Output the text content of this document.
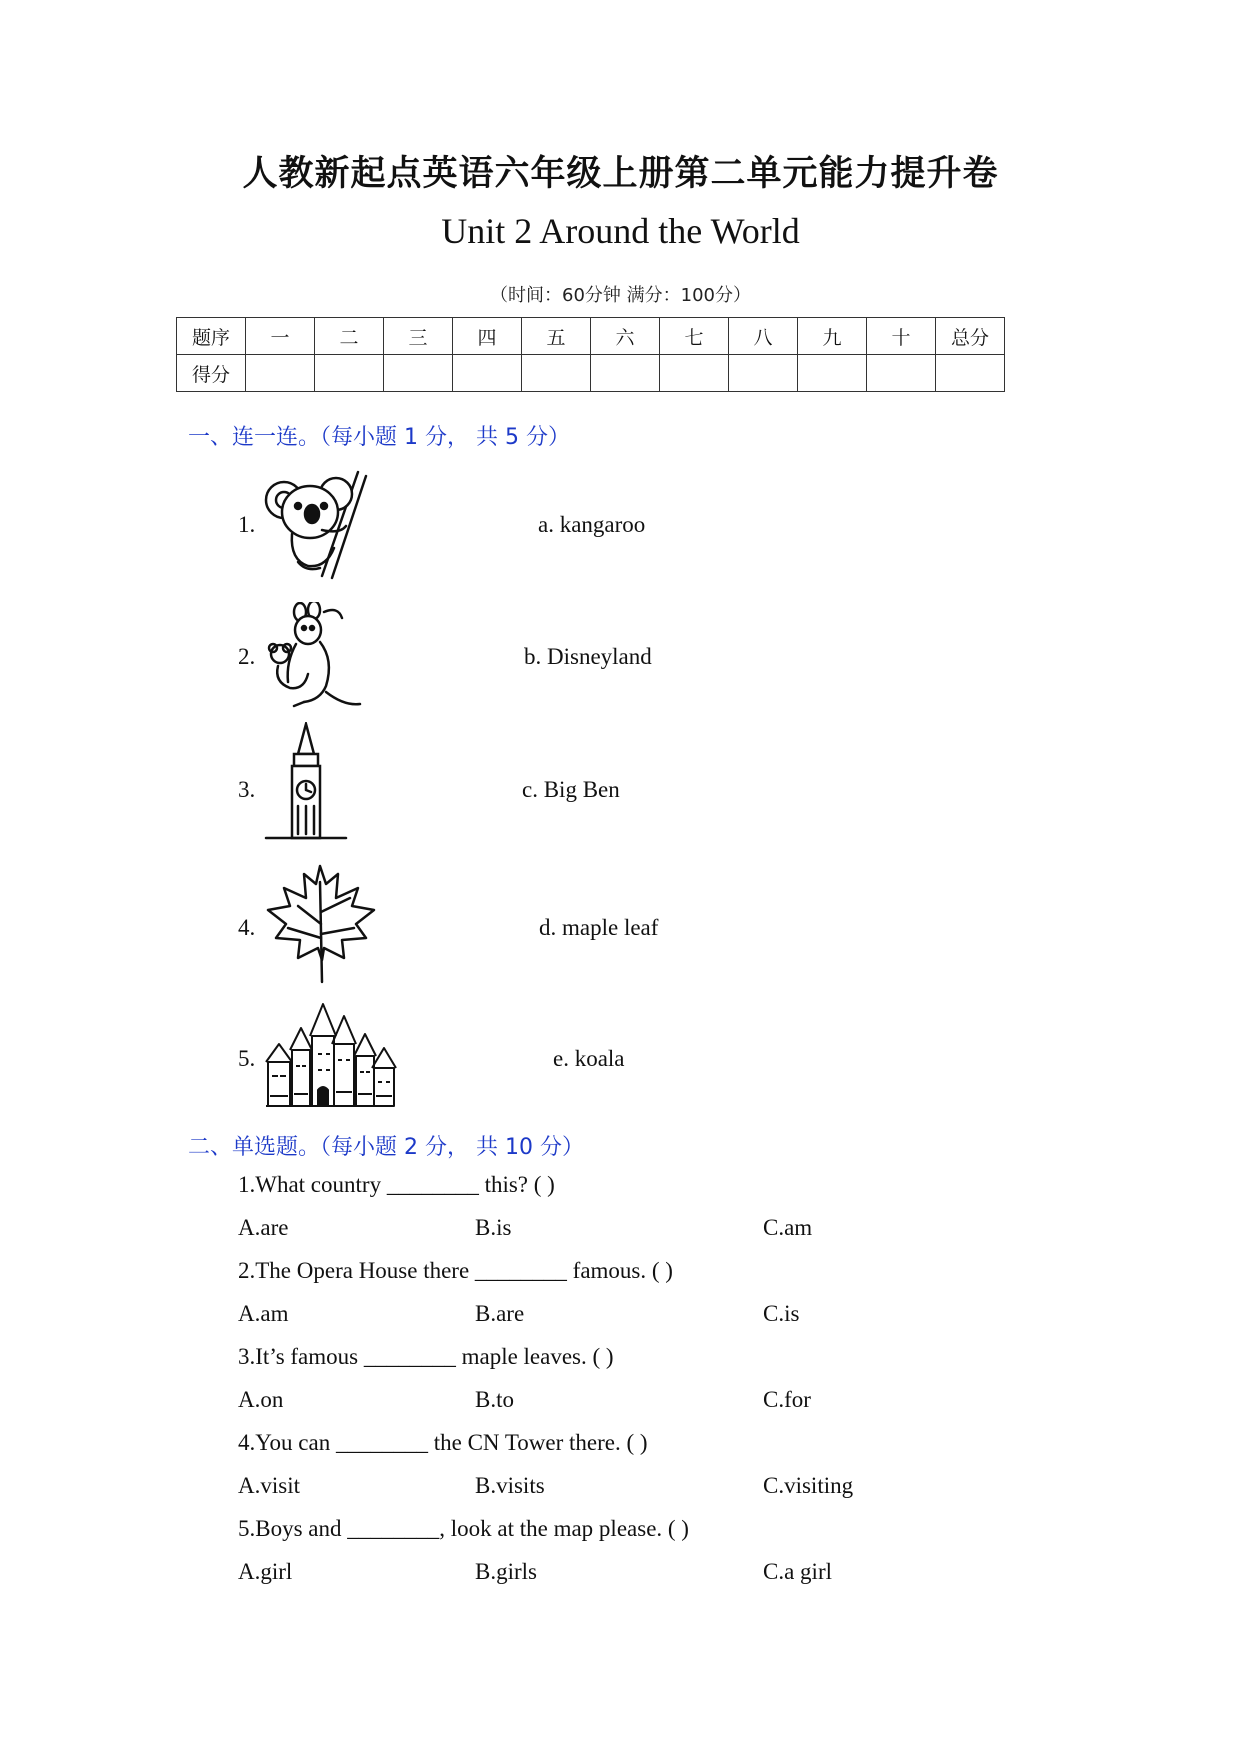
人教新起点英语六年级上册第二单元能力提升卷
Unit 2 Around the World
（时间：60分钟 满分：100分）
题序	一	二	三	四	五	六	七	八	九	十	总分
得分											
一、连一连。（每小题 1 分， 共 5 分）
1.	a. kangaroo
2.	b. Disneyland
3.	c. Big Ben
4.	d. maple leaf
5.	e. koala
二、单选题。（每小题 2 分， 共 10 分）
1.What country ________ this? ( )
A.are	B.is	C.am
2.The Opera House there ________ famous. ( )
A.am	B.are	C.is
3.It’s famous ________ maple leaves. ( )
A.on	B.to	C.for
4.You can ________ the CN Tower there. ( )
A.visit	B.visits	C.visiting
5.Boys and ________, look at the map please. ( )
A.girl	B.girls	C.a girl
